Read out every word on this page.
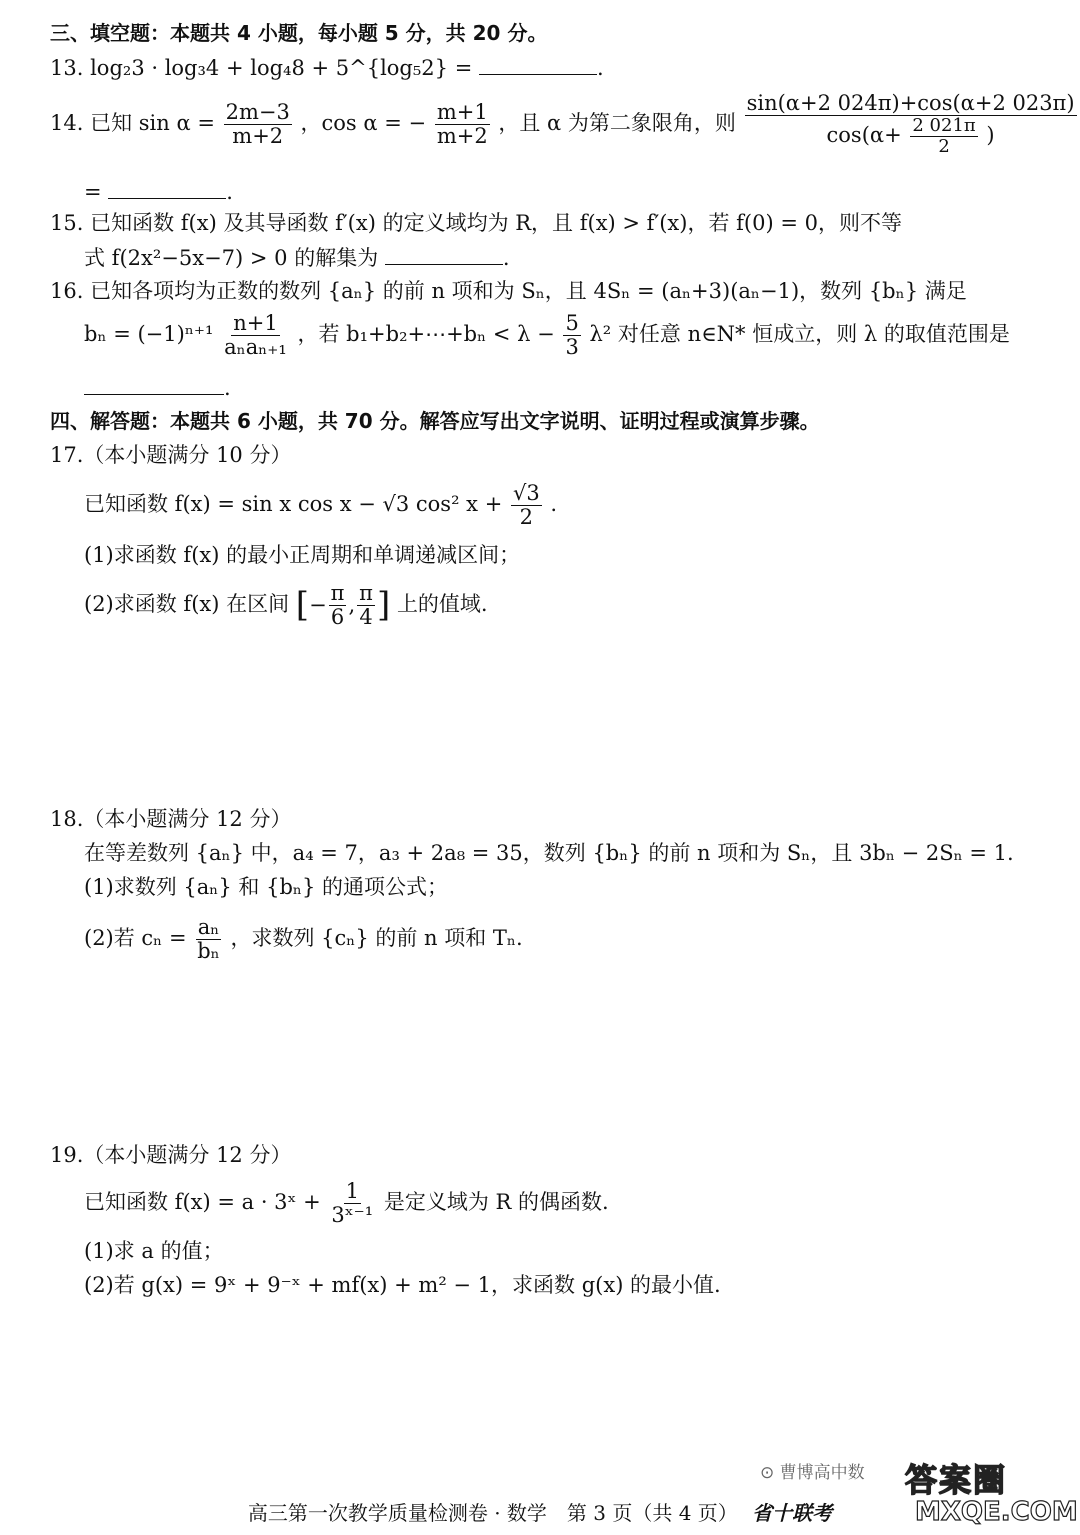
三、填空题：本题共 4 小题，每小题 5 分，共 20 分。
13. log₂3 · log₃4 + log₄8 + 5^{log₅2} =	.
14. 已知 $\sin \alpha = \frac{2m-3}{m+2}$ ，cos α = − $\frac{m+1}{m+2}$ ，且 α 为第二象限角，则 $\frac{\sin(\alpha+2 024\pi)+\cos(\alpha+2 023\pi)}{\cos(\alpha+ \frac{2 021\pi}{2} )}$
=	.
15. 已知函数 f(x) 及其导函数 f′(x) 的定义域均为 R，且 f(x) > f′(x)，若 f(0) = 0，则不等
式 f(2x²−5x−7) > 0 的解集为	.
16. 已知各项均为正数的数列 {aₙ} 的前 n 项和为 Sₙ，且 4Sₙ = (aₙ+3)(aₙ−1)，数列 {bₙ} 满足
$b_n = (-1)^{n+1} \frac{n+1}{\text{aₙaₙ₊₁}}$ ，若 b₁+b₂+⋯+bₙ < $\lambda - \frac{5}{3} \lambda^2$ 对任意 n∈N* 恒成立，则 λ 的取值范围是
.
四、解答题：本题共 6 小题，共 70 分。解答应写出文字说明、证明过程或演算步骤。
17.（本小题满分 10 分）
已知函数 f(x) = sin x cos x − √3 cos² $x + \frac{√3}{2}$ .
(1)求函数 f(x) 的最小正周期和单调递减区间；
(2)求函数 f(x) 在区间 [− $\frac{\pi}{6}$ , $\frac{\pi}{4}$ ] 上的值域.
18.（本小题满分 12 分）
在等差数列 {aₙ} 中，a₄ = 7，a₃ + 2a₈ = 35，数列 {bₙ} 的前 n 项和为 Sₙ，且 3bₙ − 2Sₙ = 1.
(1)求数列 {aₙ} 和 {bₙ} 的通项公式；
(2)若 $c_n = \frac{\text{aₙ}}{\text{bₙ}}$ ，求数列 {cₙ} 的前 n 项和 Tₙ.
19.（本小题满分 12 分）
已知函数 f(x) = a · 3ˣ + $\frac{1}{\text{3ˣ⁻¹}}$ 是定义域为 R 的偶函数.
(1)求 a 的值；
(2)若 g(x) = 9ˣ + 9⁻ˣ + mf(x) + m² − 1，求函数 g(x) 的最小值.
高三第一次教学质量检测卷 · 数学　第 3 页（共 4 页） 省十联考
⊙ 曹博高中数 答案圈
MXQE.COM
